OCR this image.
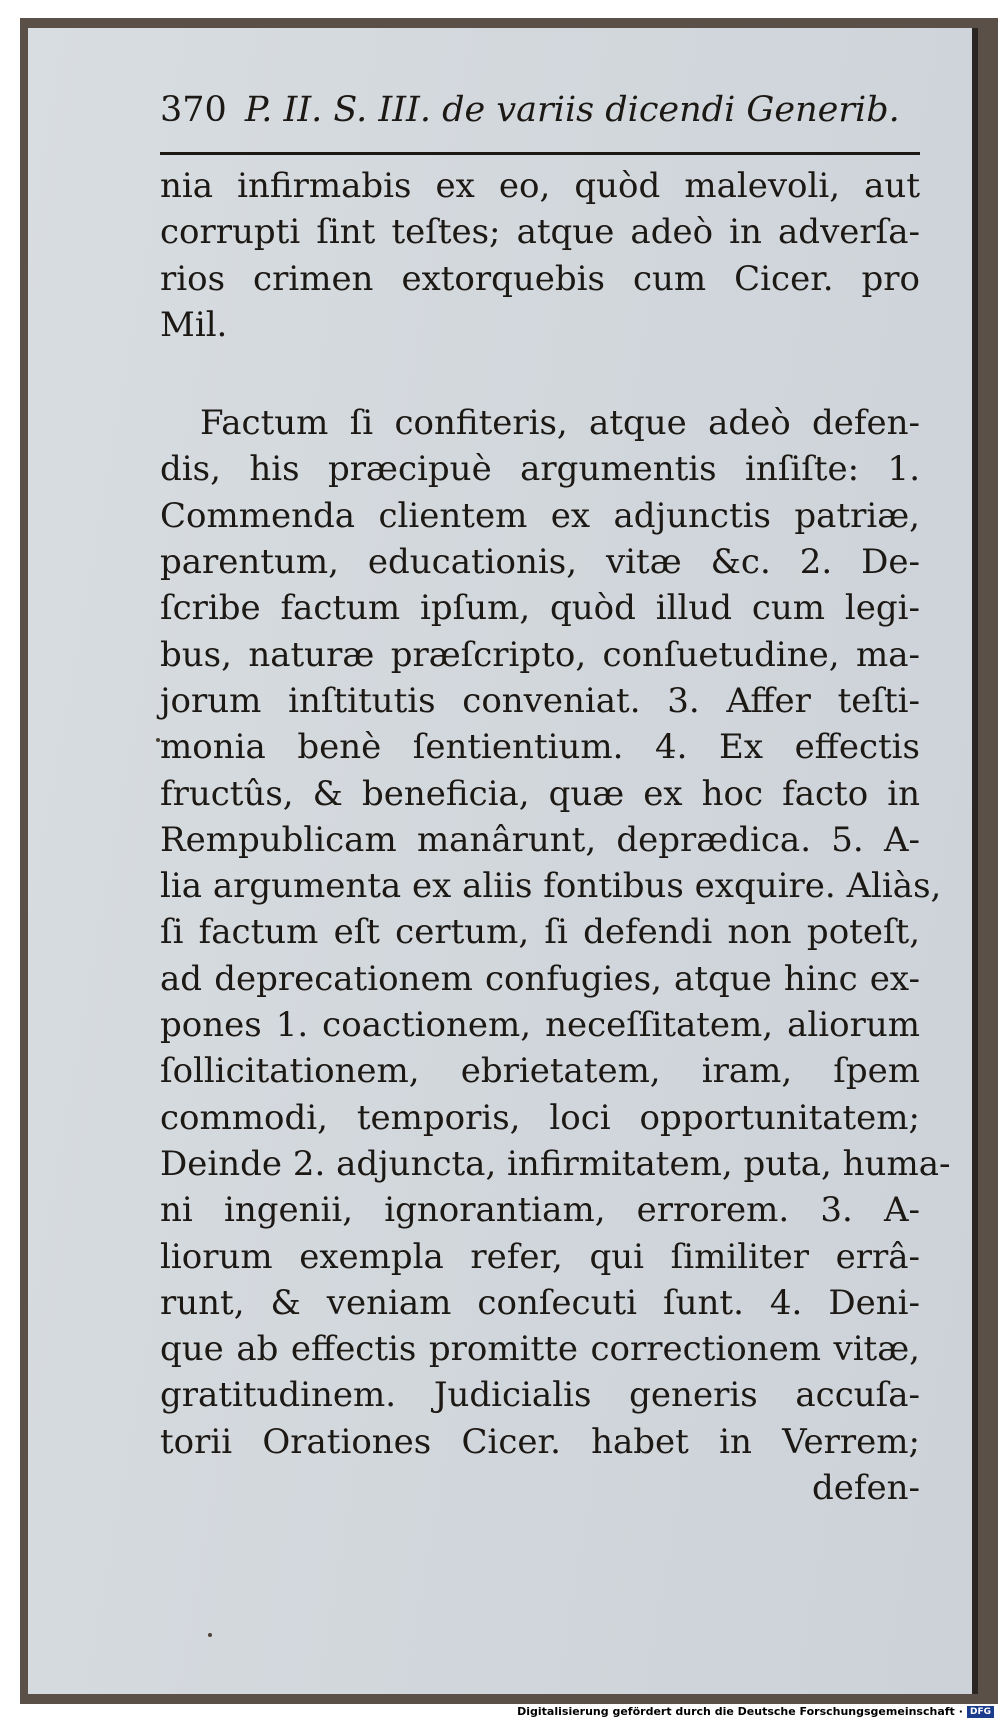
370 P. II. S. III. de variis dicendi Generib.
nia infirmabis ex eo, quòd malevoli, aut
corrupti ſint teſtes; atque adeò in adverſa-
rios crimen extorquebis cum Cicer. pro
Mil.
Factum ſi confiteris, atque adeò defen-
dis, his præcipuè argumentis inſiſte: 1.
Commenda clientem ex adjunctis patriæ,
parentum, educationis, vitæ &c. 2. De-
ſcribe factum ipſum, quòd illud cum legi-
bus, naturæ præſcripto, conſuetudine, ma-
jorum inſtitutis conveniat. 3. Affer teſti-
monia benè ſentientium. 4. Ex effectis
fructûs, & beneficia, quæ ex hoc facto in
Rempublicam manârunt, deprædica. 5. A-
lia argumenta ex aliis fontibus exquire. Aliàs,
ſi factum eſt certum, ſi defendi non poteſt,
ad deprecationem confugies, atque hinc ex-
pones 1. coactionem, neceſſitatem, aliorum
ſollicitationem, ebrietatem, iram, ſpem
commodi, temporis, loci opportunitatem;
Deinde 2. adjuncta, infirmitatem, puta, huma-
ni ingenii, ignorantiam, errorem. 3. A-
liorum exempla refer, qui ſimiliter errâ-
runt, & veniam conſecuti ſunt. 4. Deni-
que ab effectis promitte correctionem vitæ,
gratitudinem. Judicialis generis accuſa-
torii Orationes Cicer. habet in Verrem;
defen-
Digitalisierung gefördert durch die Deutsche Forschungsgemeinschaft · DFG
